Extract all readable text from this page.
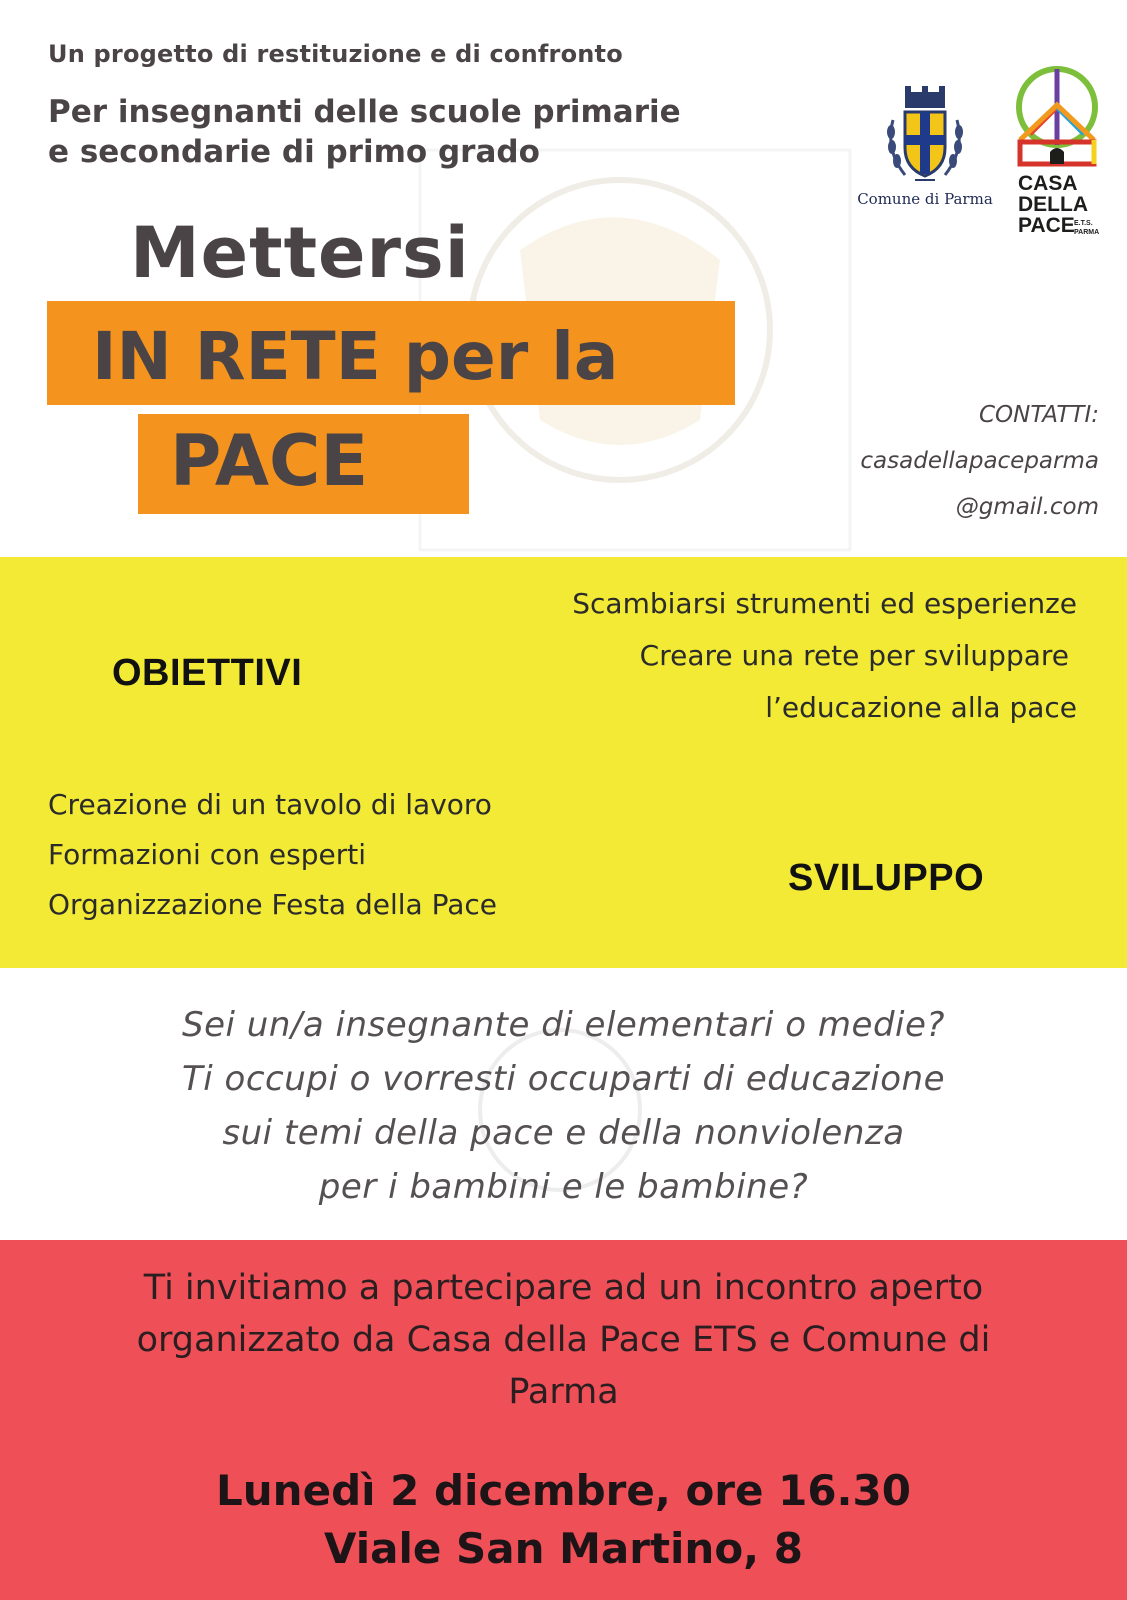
Un progetto di restituzione e di confronto
Per insegnanti delle scuole primarie
e secondarie di primo grado
Mettersi
IN RETE per la
PACE
Comune di Parma
CASA
DELLA
PACE E.T.S.
PARMA
CONTATTI:
casadellapaceparma
@gmail.com
OBIETTIVI
Scambiarsi strumenti ed esperienze
Creare una rete per sviluppare
l’educazione alla pace
Creazione di un tavolo di lavoro
Formazioni con esperti
Organizzazione Festa della Pace
SVILUPPO
Sei un/a insegnante di elementari o medie?
Ti occupi o vorresti occuparti di educazione
sui temi della pace e della nonviolenza
per i bambini e le bambine?
Ti invitiamo a partecipare ad un incontro aperto
organizzato da Casa della Pace ETS e Comune di
Parma
Lunedì 2 dicembre, ore 16.30
Viale San Martino, 8
